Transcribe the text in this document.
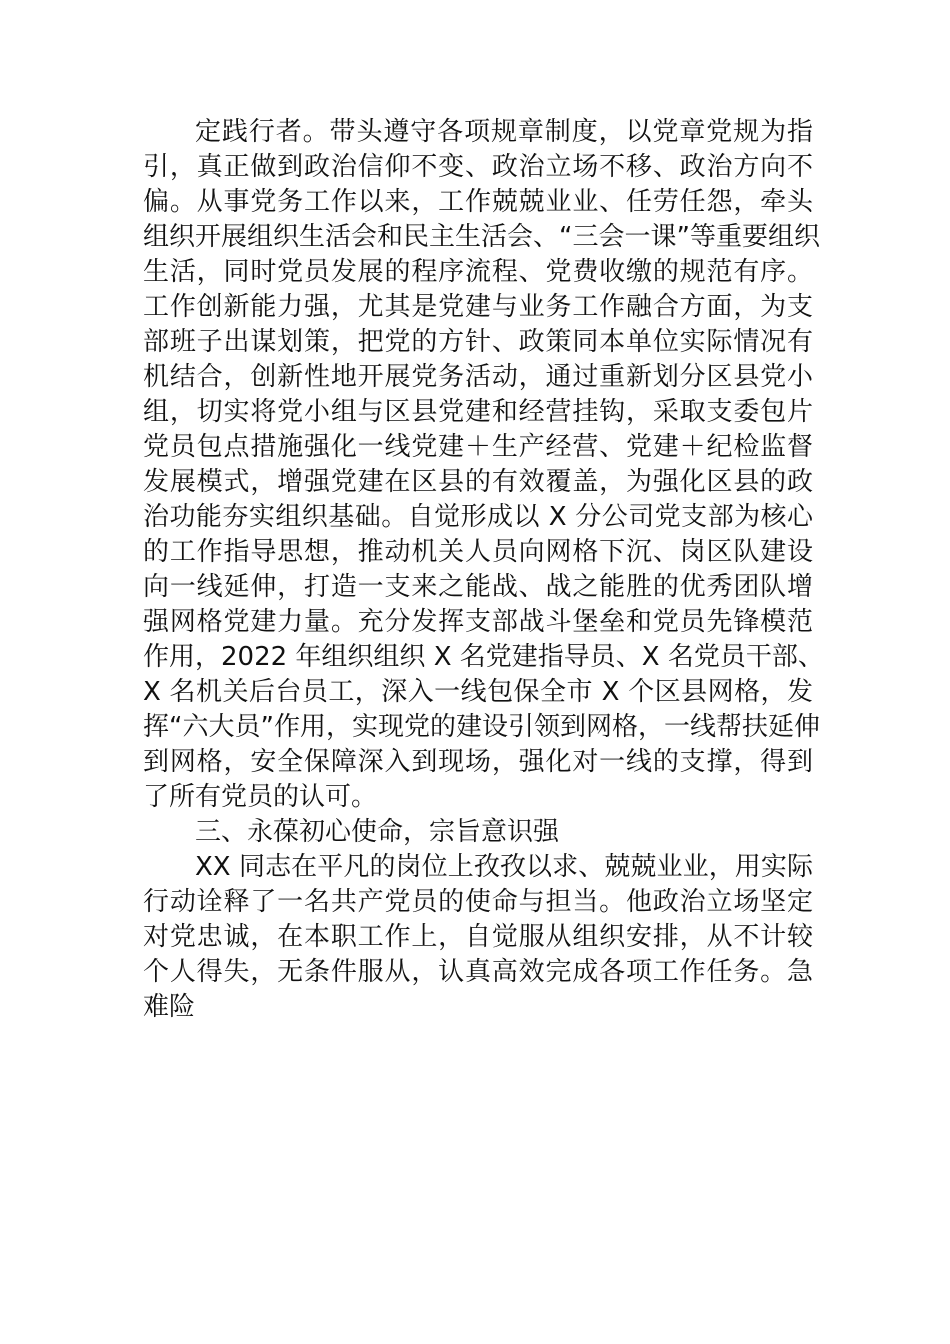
定践行者。带头遵守各项规章制度，以党章党规为指
引，真正做到政治信仰不变、政治立场不移、政治方向不
偏。从事党务工作以来，工作兢兢业业、任劳任怨，牵头
组织开展组织生活会和民主生活会、“三会一课”等重要组织
生活，同时党员发展的程序流程、党费收缴的规范有序。
工作创新能力强，尤其是党建与业务工作融合方面，为支
部班子出谋划策，把党的方针、政策同本单位实际情况有
机结合，创新性地开展党务活动，通过重新划分区县党小
组，切实将党小组与区县党建和经营挂钩，采取支委包片
党员包点措施强化一线党建＋生产经营、党建＋纪检监督
发展模式，增强党建在区县的有效覆盖，为强化区县的政
治功能夯实组织基础。自觉形成以 X 分公司党支部为核心
的工作指导思想，推动机关人员向网格下沉、岗区队建设
向一线延伸，打造一支来之能战、战之能胜的优秀团队增
强网格党建力量。充分发挥支部战斗堡垒和党员先锋模范
作用，2022 年组织组织 X 名党建指导员、X 名党员干部、
X 名机关后台员工，深入一线包保全市 X 个区县网格，发
挥“六大员”作用，实现党的建设引领到网格，一线帮扶延伸
到网格，安全保障深入到现场，强化对一线的支撑，得到
了所有党员的认可。
三、永葆初心使命，宗旨意识强
XX 同志在平凡的岗位上孜孜以求、兢兢业业，用实际
行动诠释了一名共产党员的使命与担当。他政治立场坚定
对党忠诚，在本职工作上，自觉服从组织安排，从不计较
个人得失，无条件服从，认真高效完成各项工作任务。急
难险
